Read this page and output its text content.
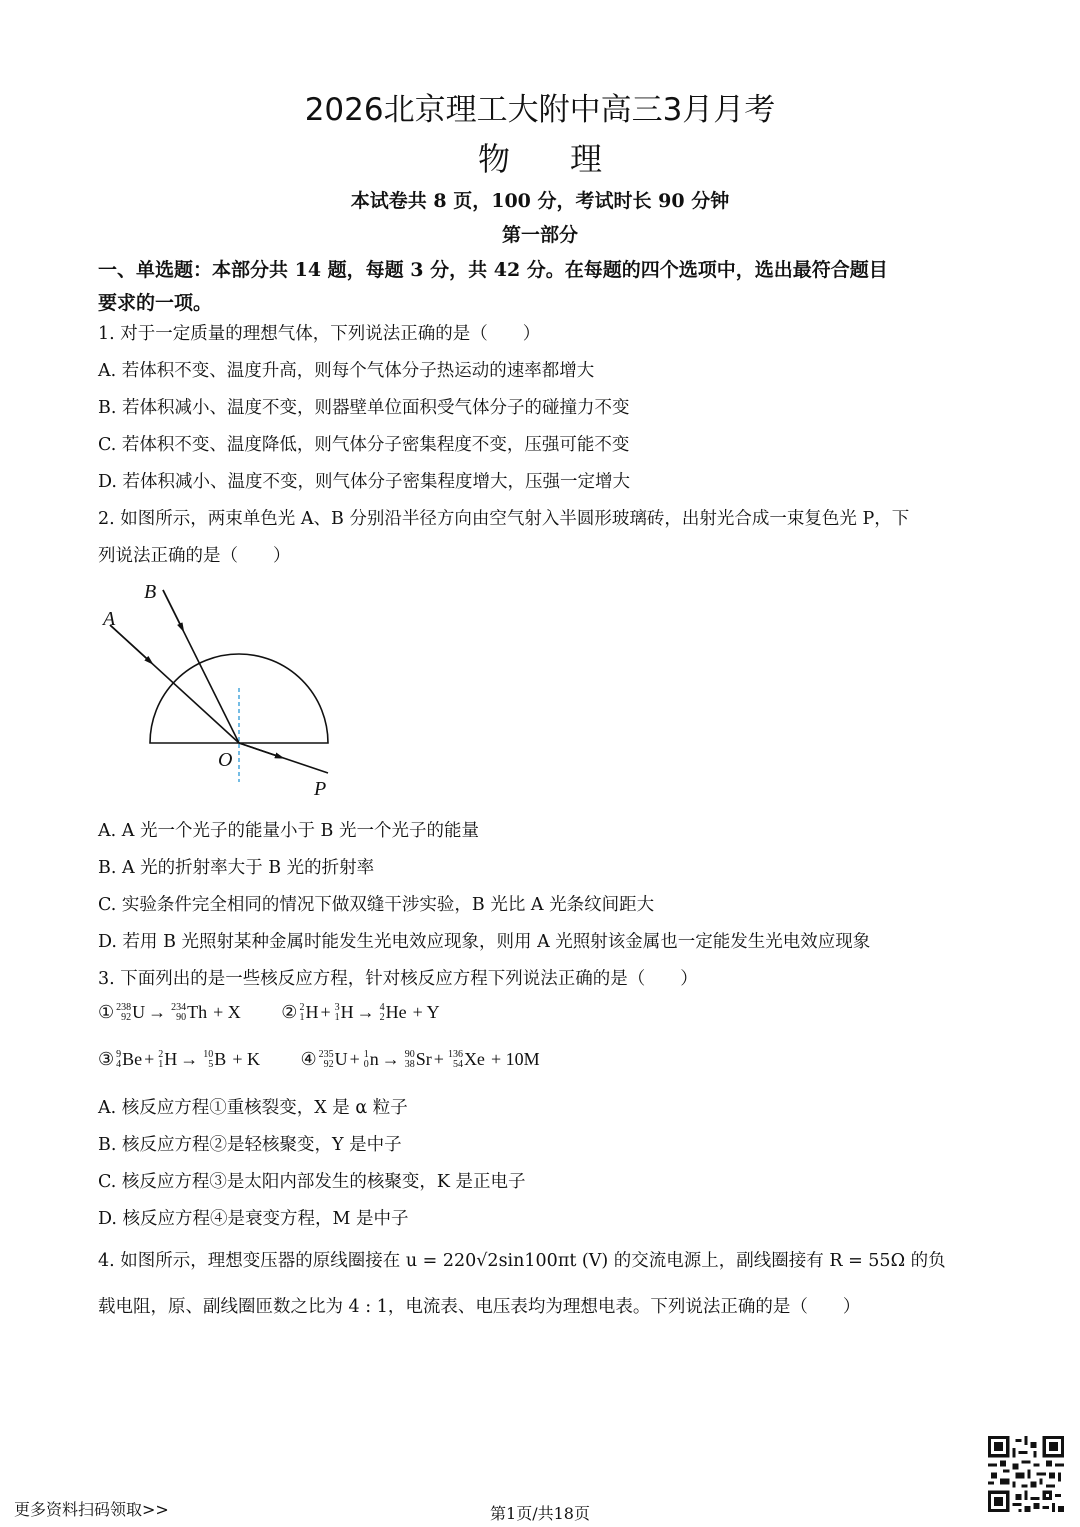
2026北京理工大附中高三3月月考
物理
本试卷共 8 页，100 分，考试时长 90 分钟
第一部分
一、单选题：本部分共 14 题，每题 3 分，共 42 分。在每题的四个选项中，选出最符合题目
要求的一项。
1. 对于一定质量的理想气体，下列说法正确的是（　　）
A. 若体积不变、温度升高，则每个气体分子热运动的速率都增大
B. 若体积减小、温度不变，则器壁单位面积受气体分子的碰撞力不变
C. 若体积不变、温度降低，则气体分子密集程度不变，压强可能不变
D. 若体积减小、温度不变，则气体分子密集程度增大，压强一定增大
2. 如图所示，两束单色光 A、B 分别沿半径方向由空气射入半圆形玻璃砖，出射光合成一束复色光 P，下
列说法正确的是（　　）
A
B
O
P
A. A 光一个光子的能量小于 B 光一个光子的能量
B. A 光的折射率大于 B 光的折射率
C. 实验条件完全相同的情况下做双缝干涉实验，B 光比 A 光条纹间距大
D. 若用 B 光照射某种金属时能发生光电效应现象，则用 A 光照射该金属也一定能发生光电效应现象
3. 下面列出的是一些核反应方程，针对核反应方程下列说法正确的是（　　）
① 238
92 U → 234
90 Th + X
② 2
1 H + 3
1 H → 4
2 He + Y
③ 9
4 Be + 2
1 H → 10
5 B + K
④ 235
92 U + 1
0 n → 90
38 Sr + 136
54 Xe + 10M
A. 核反应方程①重核裂变，X 是 α 粒子
B. 核反应方程②是轻核聚变，Y 是中子
C. 核反应方程③是太阳内部发生的核聚变，K 是正电子
D. 核反应方程④是衰变方程，M 是中子
4. 如图所示，理想变压器的原线圈接在 u = 220√2sin100πt (V) 的交流电源上，副线圈接有 R = 55Ω 的负
载电阻，原、副线圈匝数之比为 4 : 1，电流表、电压表均为理想电表。下列说法正确的是（　　）
更多资料扫码领取>>	第1页/共18页
